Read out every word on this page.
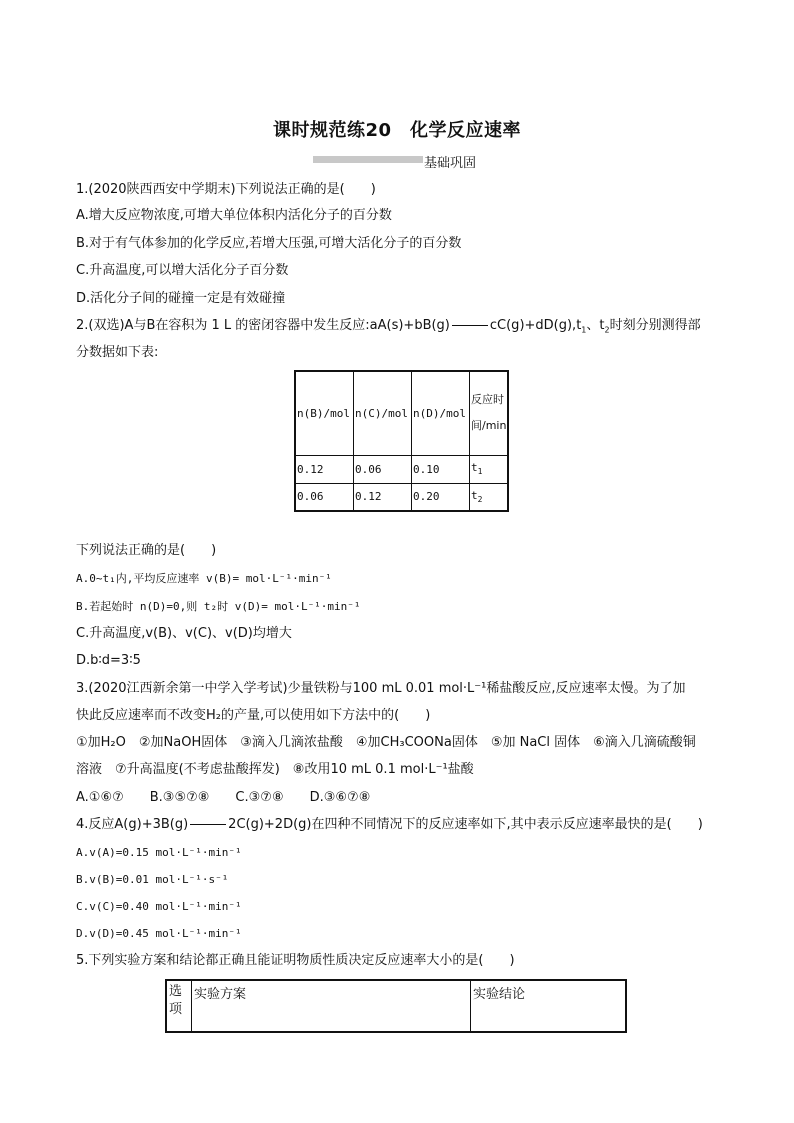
课时规范练20　化学反应速率
基础巩固
1.(2020陕西西安中学期末)下列说法正确的是(　　)
A.增大反应物浓度,可增大单位体积内活化分子的百分数
B.对于有气体参加的化学反应,若增大压强,可增大活化分子的百分数
C.升高温度,可以增大活化分子百分数
D.活化分子间的碰撞一定是有效碰撞
2.(双选)A与B在容积为 1 L 的密闭容器中发生反应:aA(s)+bB(g)	$cC(g)+dD(g),t_1$、$t_2$时刻分别测得部
分数据如下表:
n(B)/mol	n(C)/mol	n(D)/mol	反应时间/min
0.12	0.06	0.10	$t_1$
0.06	0.12	0.20	$t_2$
下列说法正确的是(　　)
A.0~t₁内,平均反应速率 v(B)= mol·L⁻¹·min⁻¹
B.若起始时 n(D)=0,则 t₂时 v(D)= mol·L⁻¹·min⁻¹
C.升高温度,v(B)、v(C)、v(D)均增大
D.b∶d=3∶5
3.(2020江西新余第一中学入学考试)少量铁粉与100 mL 0.01 mol·L⁻¹稀盐酸反应,反应速率太慢。为了加
快此反应速率而不改变H₂的产量,可以使用如下方法中的(　　)
①加H₂O　②加NaOH固体　③滴入几滴浓盐酸　④加CH₃COONa固体　⑤加 NaCl 固体　⑥滴入几滴硫酸铜
溶液　⑦升高温度(不考虑盐酸挥发)　⑧改用10 mL 0.1 mol·L⁻¹盐酸
A.①⑥⑦　　B.③⑤⑦⑧　　C.③⑦⑧　　D.③⑥⑦⑧
4.反应A(g)+3B(g)	2C(g)+2D(g)在四种不同情况下的反应速率如下,其中表示反应速率最快的是(　　)
A.v(A)=0.15 mol·L⁻¹·min⁻¹
B.v(B)=0.01 mol·L⁻¹·s⁻¹
C.v(C)=0.40 mol·L⁻¹·min⁻¹
D.v(D)=0.45 mol·L⁻¹·min⁻¹
5.下列实验方案和结论都正确且能证明物质性质决定反应速率大小的是(　　)
选项	实验方案	实验结论
